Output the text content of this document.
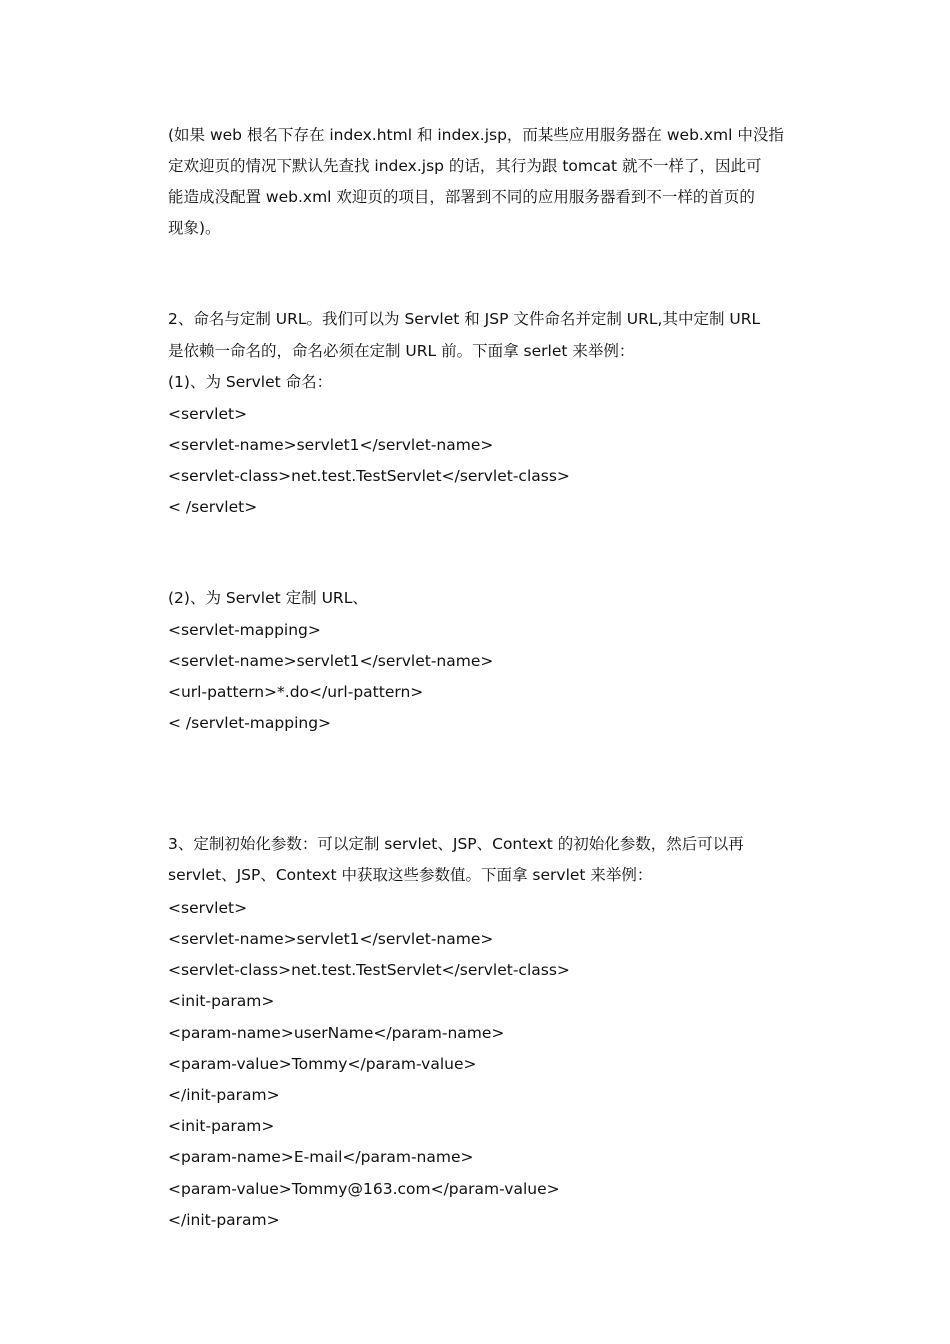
(如果 web 根名下存在 index.html 和 index.jsp，而某些应用服务器在 web.xml 中没指
定欢迎页的情况下默认先查找 index.jsp 的话，其行为跟 tomcat 就不一样了，因此可
能造成没配置 web.xml 欢迎页的项目，部署到不同的应用服务器看到不一样的首页的
现象)。
2、命名与定制 URL。我们可以为 Servlet 和 JSP 文件命名并定制 URL,其中定制 URL
是依赖一命名的，命名必须在定制 URL 前。下面拿 serlet 来举例：
(1)、为 Servlet 命名：
<servlet>
<servlet-name>servlet1</servlet-name>
<servlet-class>net.test.TestServlet</servlet-class>
< /servlet>
(2)、为 Servlet 定制 URL、
<servlet-mapping>
<servlet-name>servlet1</servlet-name>
<url-pattern>*.do</url-pattern>
< /servlet-mapping>
3、定制初始化参数：可以定制 servlet、JSP、Context 的初始化参数，然后可以再
servlet、JSP、Context 中获取这些参数值。下面拿 servlet 来举例：
<servlet>
<servlet-name>servlet1</servlet-name>
<servlet-class>net.test.TestServlet</servlet-class>
<init-param>
<param-name>userName</param-name>
<param-value>Tommy</param-value>
</init-param>
<init-param>
<param-name>E-mail</param-name>
<param-value>Tommy@163.com</param-value>
</init-param>
